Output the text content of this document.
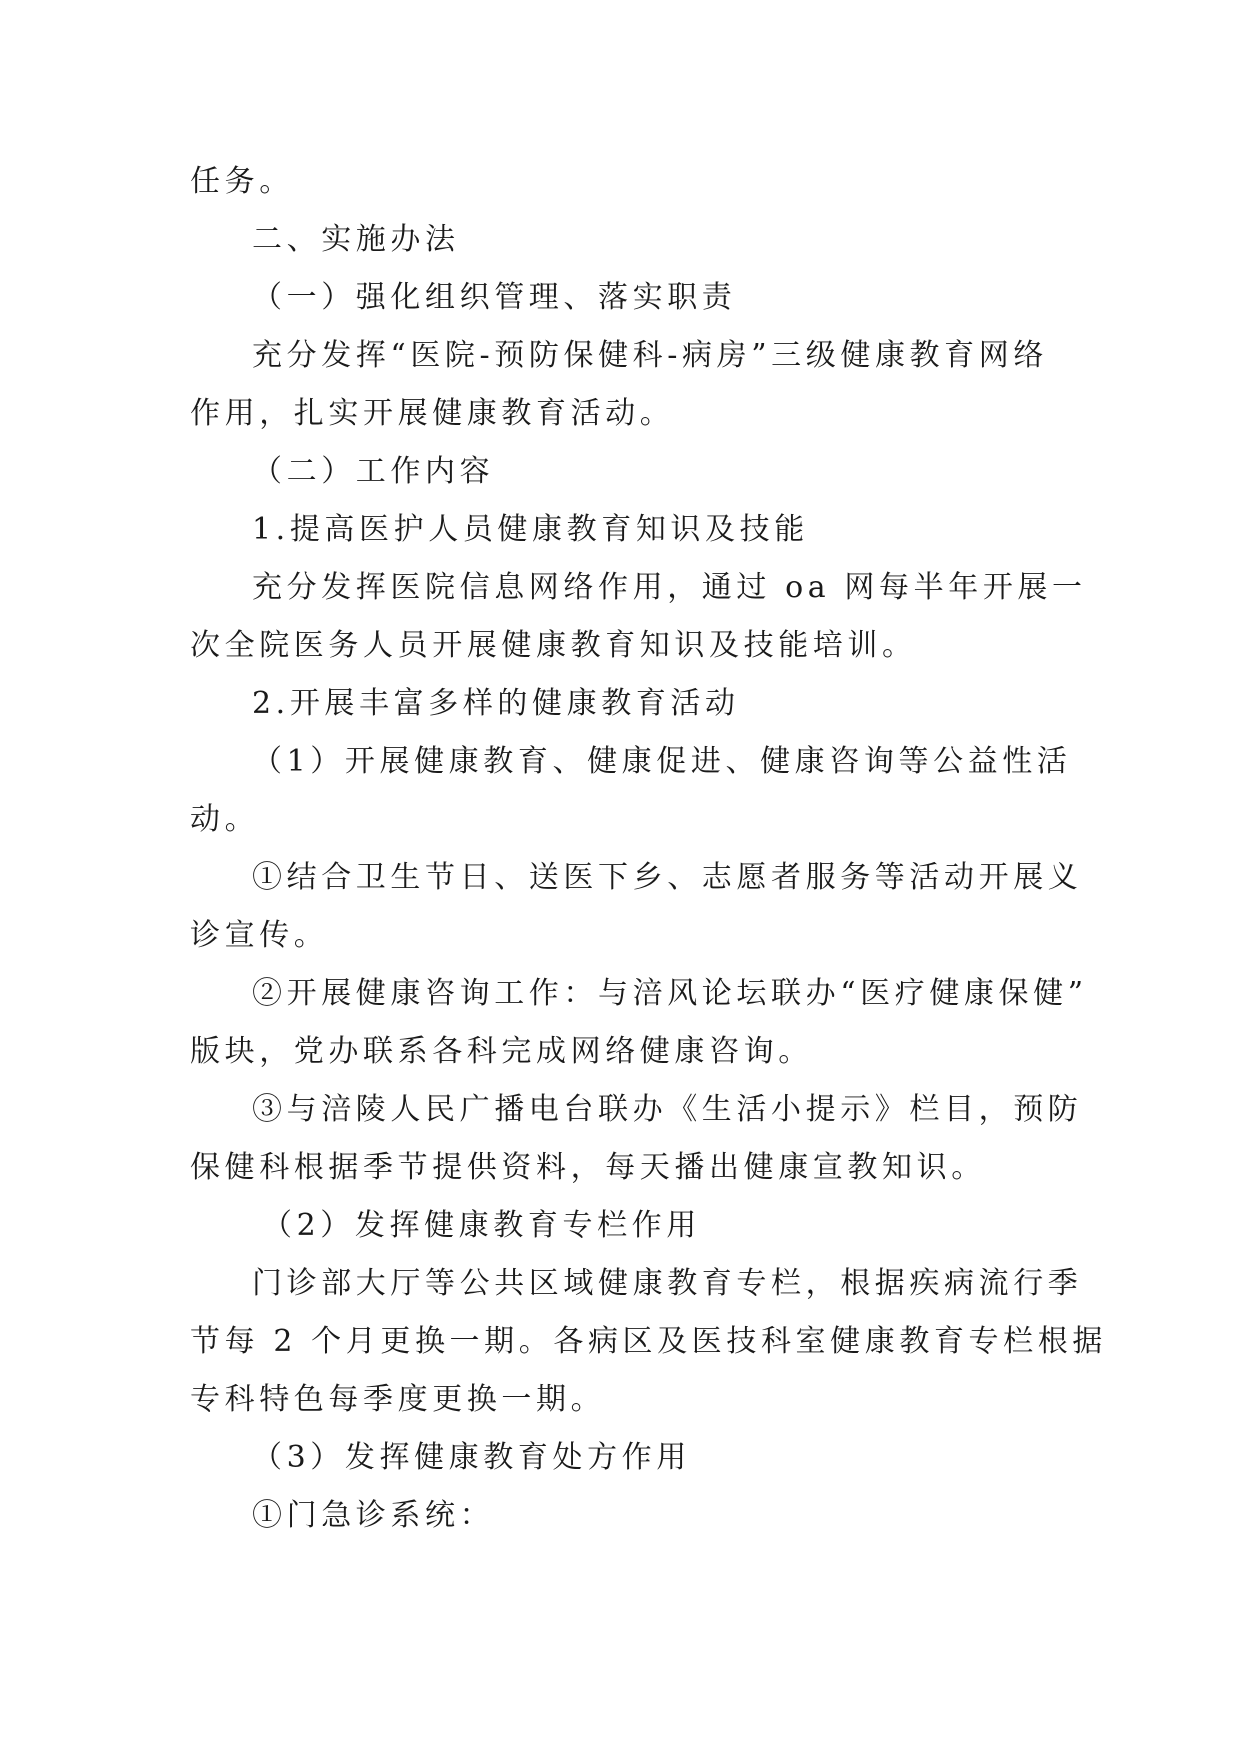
任务。
二、实施办法
（一）强化组织管理、落实职责
充分发挥“医院-预防保健科-病房”三级健康教育网络
作用，扎实开展健康教育活动。
（二）工作内容
1.提高医护人员健康教育知识及技能
充分发挥医院信息网络作用，通过 oa 网每半年开展一
次全院医务人员开展健康教育知识及技能培训。
2.开展丰富多样的健康教育活动
（1）开展健康教育、健康促进、健康咨询等公益性活
动。
①结合卫生节日、送医下乡、志愿者服务等活动开展义
诊宣传。
②开展健康咨询工作：与涪风论坛联办“医疗健康保健”
版块，党办联系各科完成网络健康咨询。
③与涪陵人民广播电台联办《生活小提示》栏目，预防
保健科根据季节提供资料，每天播出健康宣教知识。
（2）发挥健康教育专栏作用
门诊部大厅等公共区域健康教育专栏，根据疾病流行季
节每 2 个月更换一期。各病区及医技科室健康教育专栏根据
专科特色每季度更换一期。
（3）发挥健康教育处方作用
①门急诊系统：
